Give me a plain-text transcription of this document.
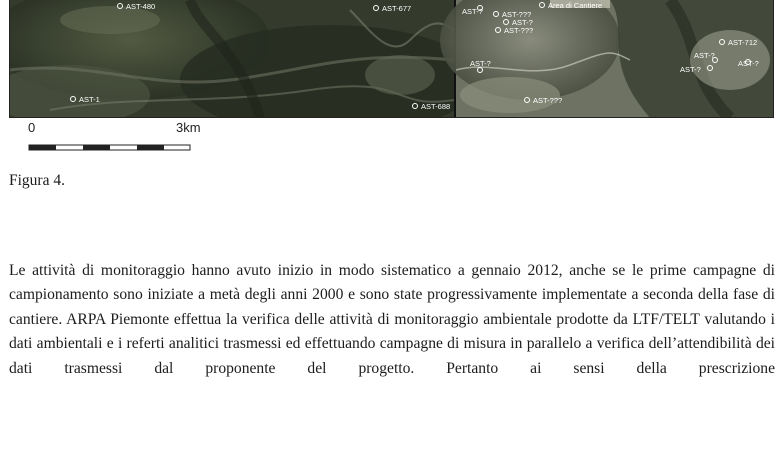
AST-480	AST-677
AST-688
AST-1
AST-?	AST-???
AST-?
AST-???
AST-?
Area di Cantiere
AST-???
AST-712
AST-?
AST-?
AST-?
0	3km

Figura 4.

Le attività di monitoraggio hanno avuto inizio in modo sistematico a gennaio 2012, anche se le prime campagne di campionamento sono iniziate a metà degli anni 2000 e sono state progressivamente implementate a seconda della fase di cantiere. ARPA Piemonte effettua la verifica delle attività di monitoraggio ambientale prodotte da LTF/TELT valutando i dati ambientali e i referti analitici trasmessi ed effettuando campagne di misura in parallelo a verifica dell’attendibilità dei dati trasmessi dal proponente del progetto. Pertanto ai sensi della prescrizione
